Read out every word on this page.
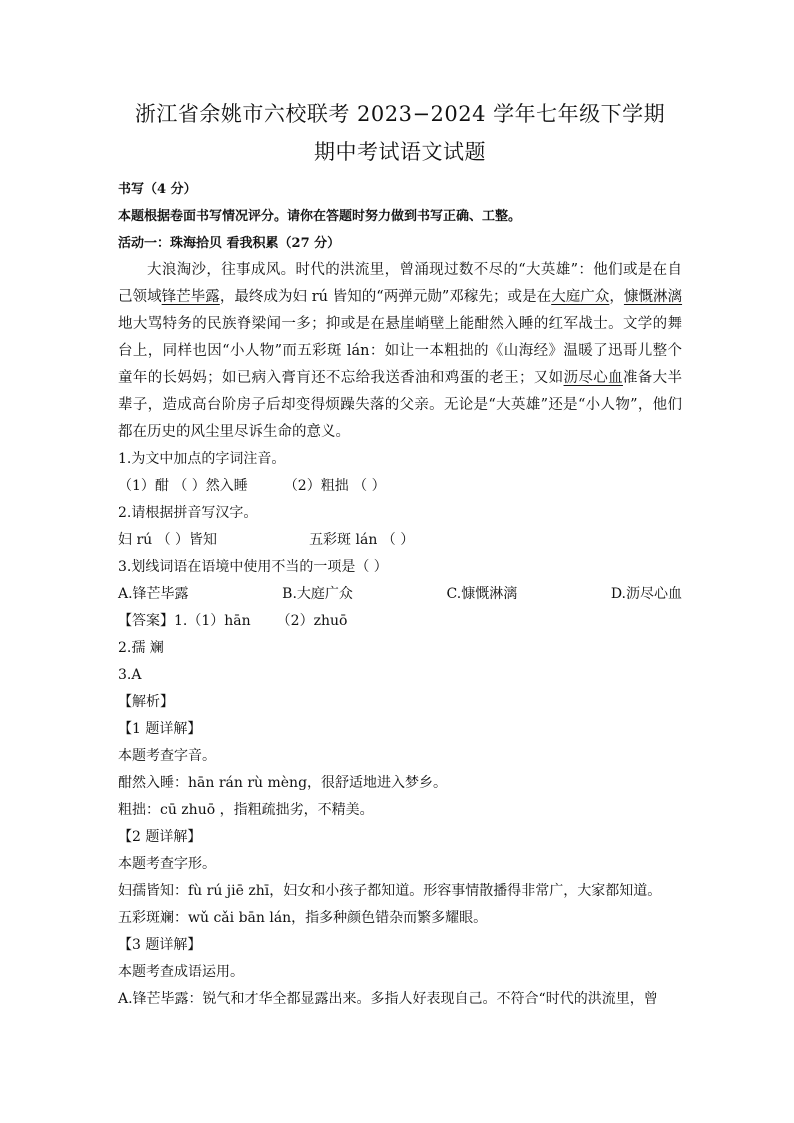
浙江省余姚市六校联考 2023−2024 学年七年级下学期
期中考试语文试题

书写（4 分）

本题根据卷面书写情况评分。请你在答题时努力做到书写正确、工整。

活动一：珠海拾贝 看我积累（27 分）

大浪淘沙，往事成风。时代的洪流里，曾涌现过数不尽的“大英雄”：他们或是在自己领域锋芒毕露，最终成为妇 rú 皆知的“两弹元勋”邓稼先；或是在大庭广众，慷慨淋漓地大骂特务的民族脊梁闻一多；抑或是在悬崖峭壁上能酣然入睡的红军战士。文学的舞台上，同样也因“小人物”而五彩斑 lán：如让一本粗拙的《山海经》温暖了迅哥儿整个童年的长妈妈；如已病入膏肓还不忘给我送香油和鸡蛋的老王；又如沥尽心血准备大半辈子，造成高台阶房子后却变得烦躁失落的父亲。无论是“大英雄”还是“小人物”，他们都在历史的风尘里尽诉生命的意义。

1.为文中加点的字词注音。

（1）酣 （ ）然入睡	（2）粗拙 （ ）

2.请根据拼音写汉字。

妇 rú （ ）皆知	五彩斑 lán （ ）

3.划线词语在语境中使用不当的一项是（ ）

A.锋芒毕露	B.大庭广众	C.慷慨淋漓	D.沥尽心血

【答案】1.（1）hān （2）zhuō

2.孺 斓

3.A

【解析】

【1 题详解】

本题考查字音。

酣然入睡：hān rán rù mèng，很舒适地进入梦乡。

粗拙：cū zhuō ，指粗疏拙劣，不精美。

【2 题详解】

本题考查字形。

妇孺皆知：fù rú jiē zhī，妇女和小孩子都知道。形容事情散播得非常广，大家都知道。

五彩斑斓：wǔ cǎi bān lán，指多种颜色错杂而繁多耀眼。

【3 题详解】

本题考查成语运用。

A.锋芒毕露：锐气和才华全都显露出来。多指人好表现自己。不符合“时代的洪流里，曾
